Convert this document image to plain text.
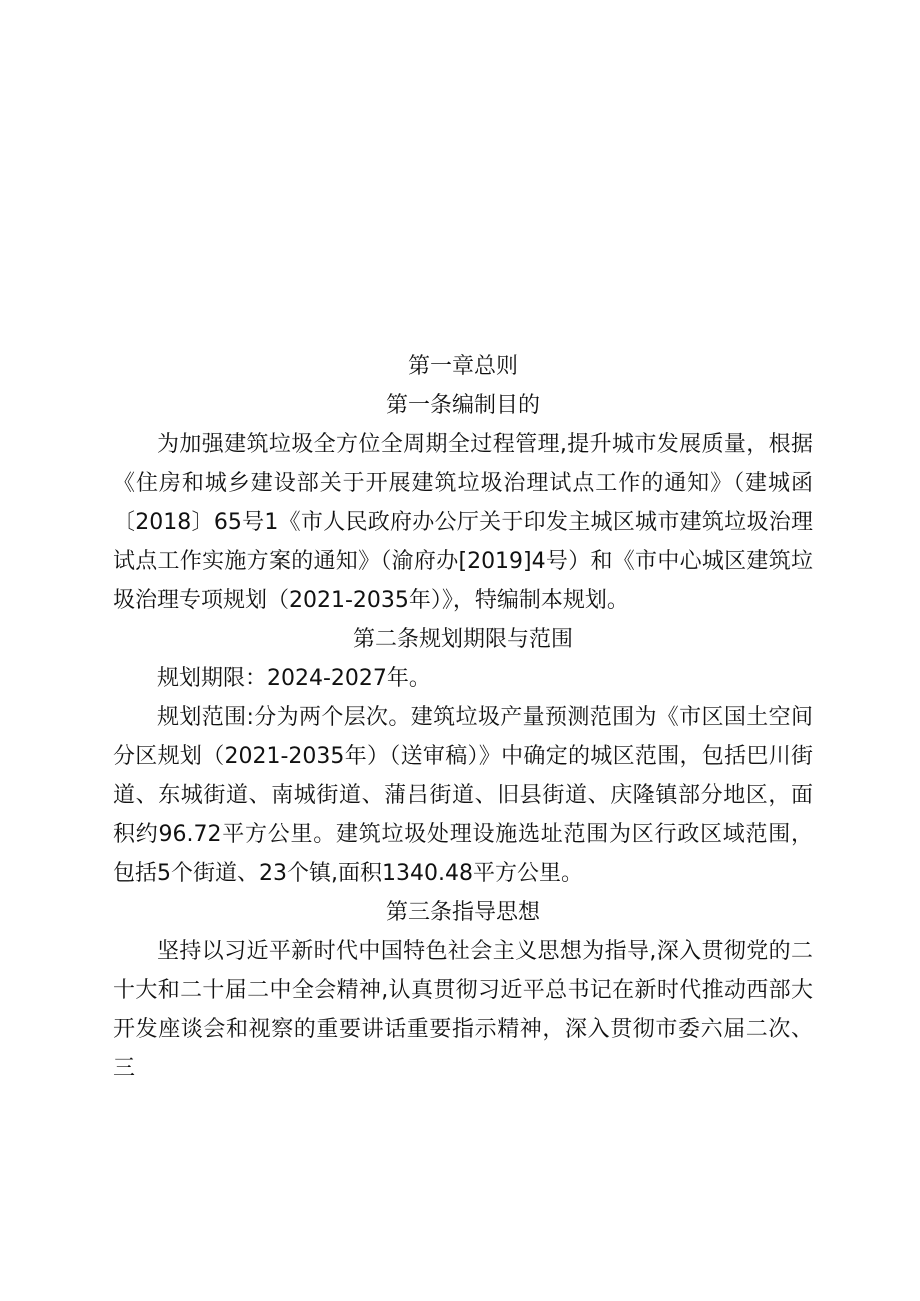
第一章总则
第一条编制目的

为加强建筑垃圾全方位全周期全过程管理,提升城市发展质量，根据《住房和城乡建设部关于开展建筑垃圾治理试点工作的通知》（建城函〔2018〕65号1《市人民政府办公厅关于印发主城区城市建筑垃圾治理试点工作实施方案的通知》（渝府办[2019]4号）和《市中心城区建筑垃圾治理专项规划（2021-2035年）》，特编制本规划。

第二条规划期限与范围

规划期限：2024-2027年。

规划范围:分为两个层次。建筑垃圾产量预测范围为《市区国土空间分区规划（2021-2035年）（送审稿）》中确定的城区范围，包括巴川街道、东城街道、南城街道、蒲吕街道、旧县街道、庆隆镇部分地区，面积约96.72平方公里。建筑垃圾处理设施选址范围为区行政区域范围，包括5个街道、23个镇,面积1340.48平方公里。

第三条指导思想

坚持以习近平新时代中国特色社会主义思想为指导,深入贯彻党的二十大和二十届二中全会精神,认真贯彻习近平总书记在新时代推动西部大开发座谈会和视察的重要讲话重要指示精神，深入贯彻市委六届二次、三
